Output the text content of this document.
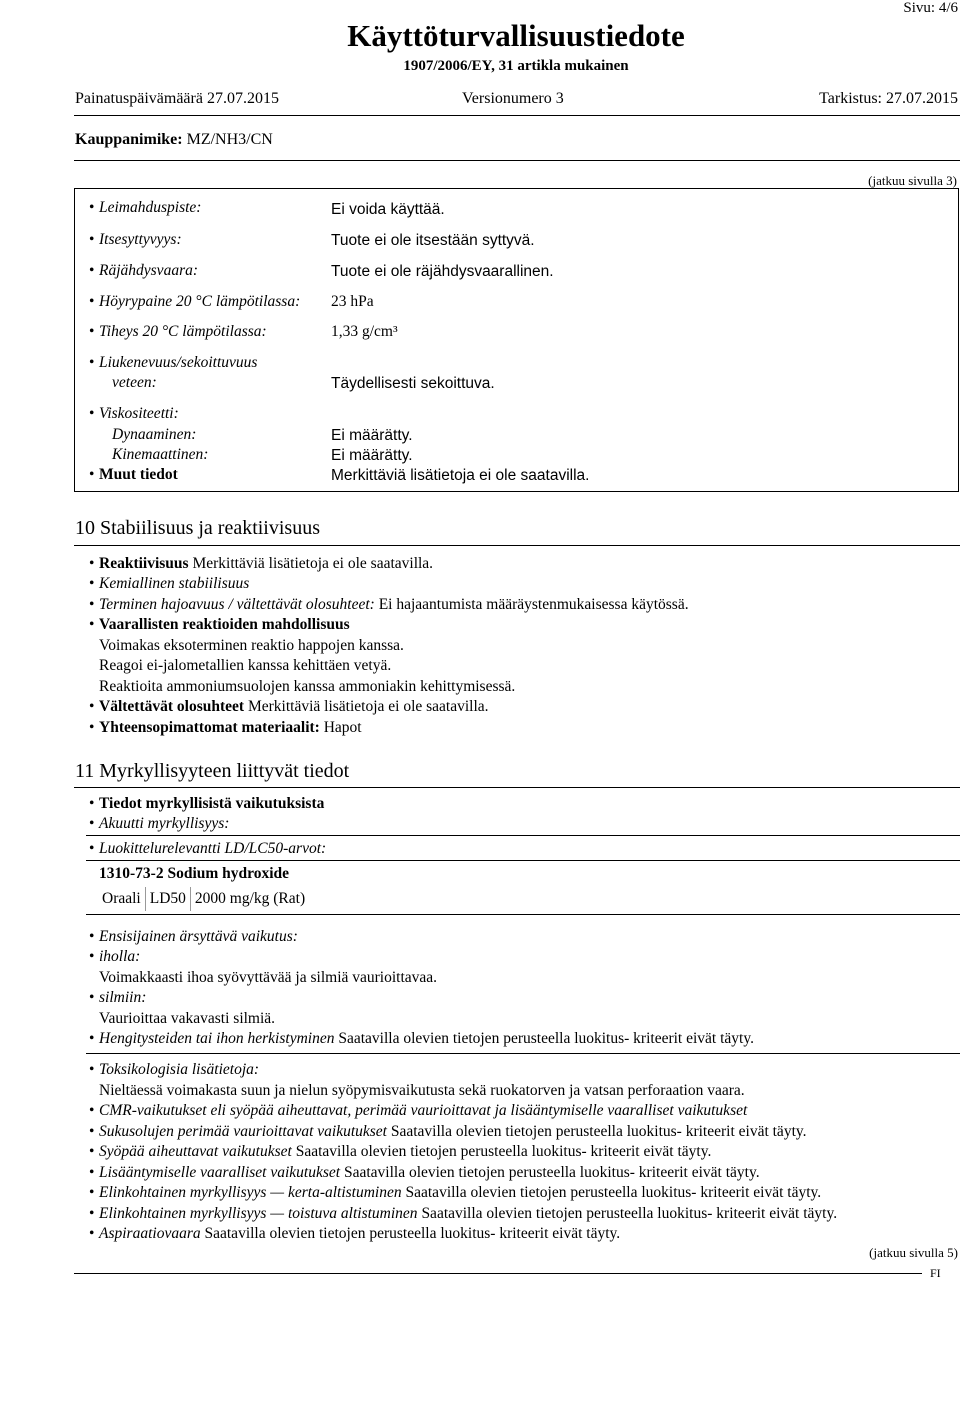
Sivu: 4/6
Käyttöturvallisuustiedote
1907/2006/EY, 31 artikla mukainen
Painatuspäivämäärä 27.07.2015	Versionumero 3	Tarkistus: 27.07.2015
Kauppanimike: MZ/NH3/CN
(jatkuu sivulla 3)
• Leimahduspiste:	Ei voida käyttää.
• Itsesyttyvyys:	Tuote ei ole itsestään syttyvä.
• Räjähdysvaara:	Tuote ei ole räjähdysvaarallinen.
• Höyrypaine 20 °C lämpötilassa: 23 hPa
• Tiheys 20 °C lämpötilassa:	1,33 g/cm³
• Liukenevuus/sekoittuvuus
veteen:	Täydellisesti sekoittuva.
• Viskositeetti:
Dynaaminen:	Ei määrätty.
Kinemaattinen:	Ei määrätty.
• Muut tiedot	Merkittäviä lisätietoja ei ole saatavilla.
10 Stabiilisuus ja reaktiivisuus
• Reaktiivisuus Merkittäviä lisätietoja ei ole saatavilla.
• Kemiallinen stabiilisuus
• Terminen hajoavuus / vältettävät olosuhteet: Ei hajaantumista määräystenmukaisessa käytössä.
• Vaarallisten reaktioiden mahdollisuus
Voimakas eksoterminen reaktio happojen kanssa.
Reagoi ei-jalometallien kanssa kehittäen vetyä.
Reaktioita ammoniumsuolojen kanssa ammoniakin kehittymisessä.
• Vältettävät olosuhteet Merkittäviä lisätietoja ei ole saatavilla.
• Yhteensopimattomat materiaalit: Hapot
11 Myrkyllisyyteen liittyvät tiedot
• Tiedot myrkyllisistä vaikutuksista
• Akuutti myrkyllisyys:
• Luokittelurelevantti LD/LC50-arvot:
1310-73-2 Sodium hydroxide
Oraali	LD50	2000 mg/kg (Rat)
• Ensisijainen ärsyttävä vaikutus:
• iholla:
Voimakkaasti ihoa syövyttävää ja silmiä vaurioittavaa.
• silmiin:
Vaurioittaa vakavasti silmiä.
• Hengitysteiden tai ihon herkistyminen Saatavilla olevien tietojen perusteella luokitus- kriteerit eivät täyty.
• Toksikologisia lisätietoja:
Nieltäessä voimakasta suun ja nielun syöpymisvaikutusta sekä ruokatorven ja vatsan perforaation vaara.
• CMR-vaikutukset eli syöpää aiheuttavat, perimää vaurioittavat ja lisääntymiselle vaaralliset vaikutukset
• Sukusolujen perimää vaurioittavat vaikutukset Saatavilla olevien tietojen perusteella luokitus- kriteerit eivät täyty.
• Syöpää aiheuttavat vaikutukset Saatavilla olevien tietojen perusteella luokitus- kriteerit eivät täyty.
• Lisääntymiselle vaaralliset vaikutukset Saatavilla olevien tietojen perusteella luokitus- kriteerit eivät täyty.
• Elinkohtainen myrkyllisyys — kerta-altistuminen Saatavilla olevien tietojen perusteella luokitus- kriteerit eivät täyty.
• Elinkohtainen myrkyllisyys — toistuva altistuminen Saatavilla olevien tietojen perusteella luokitus- kriteerit eivät täyty.
• Aspiraatiovaara Saatavilla olevien tietojen perusteella luokitus- kriteerit eivät täyty.
(jatkuu sivulla 5)
FI
